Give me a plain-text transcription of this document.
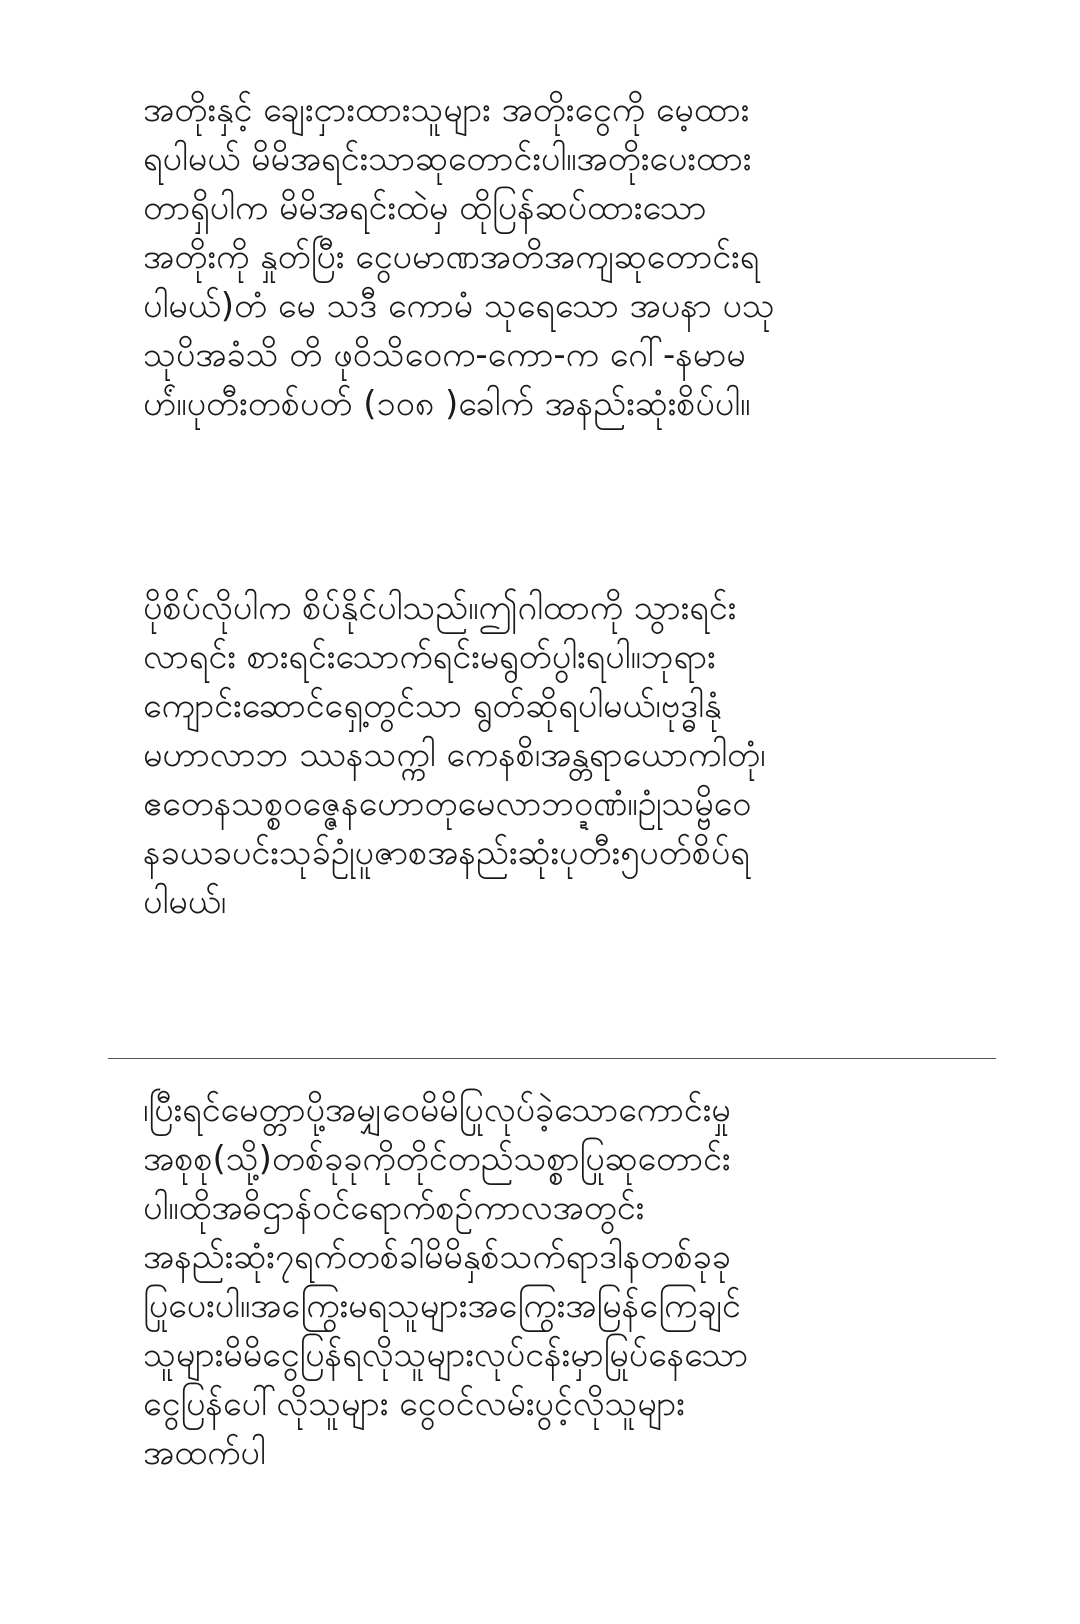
အတိုးနှင့် ချေးငှားထားသူများ အတိုးငွေကို မေ့ထား
ရပါမယ် မိမိအရင်းသာဆုတောင်းပါ။အတိုးပေးထား
တာရှိပါက မိမိအရင်းထဲမှ ထိုပြန်ဆပ်ထားသော
အတိုးကို နှုတ်ပြီး ငွေပမာဏအတိအကျဆုတောင်းရ
ပါမယ်)တံ မေ သဒီ ကောမံ သုရေသော အပနာ ပသု
သုပိအခံသိ တိ ဖုဝိသိဝေက-ကော-က ဂေါ်-နမာမ
ဟ်ံ။ပုတီးတစ်ပတ် (၁၀၈ )ခေါက် အနည်းဆုံးစိပ်ပါ။

ပိုစိပ်လိုပါက စိပ်နိုင်ပါသည်။ဤဂါထာကို သွားရင်း
လာရင်း စားရင်းသောက်ရင်းမရွတ်ပွါးရပါ။ဘုရား
ကျောင်းဆောင်ရှေ့တွင်သာ ရွတ်ဆိုရပါမယ်၊ဗုဒ္ဓါနုံ
မဟာလာဘ ဿနသက္ကါ ကေနစိ၊အန္တရာယောကါတုံ၊
ဧတေနသစ္စဝဇ္ဇေနဟောတုမေလာဘဝ္ဍဏံ။ဥုံသမ္ဗိဝေ
နခယခပင်းသုခ်ဥုံပူဇာစအနည်းဆုံးပုတီး၅ပတ်စိပ်ရ
ပါမယ်၊

၊ပြီးရင်မေတ္တာပို့အမျှဝေမိမိပြုလုပ်ခဲ့သောကောင်းမှု
အစုစု(သို့)တစ်ခုခုကိုတိုင်တည်သစ္စာပြုဆုတောင်း
ပါ။ထိုအဓိဌာန်ဝင်ရောက်စဉ်ကာလအတွင်း
အနည်းဆုံး၇ရက်တစ်ခါမိမိနှစ်သက်ရာဒါနတစ်ခုခု
ပြုပေးပါ။အကြွေးမရသူများအကြွေးအမြန်ကြေချင်
သူများမိမိငွေပြန်ရလိုသူများလုပ်ငန်းမှာမြုပ်နေသော
ငွေပြန်ပေါ်လိုသူများ ငွေဝင်လမ်းပွင့်လိုသူများ
အထက်ပါ
